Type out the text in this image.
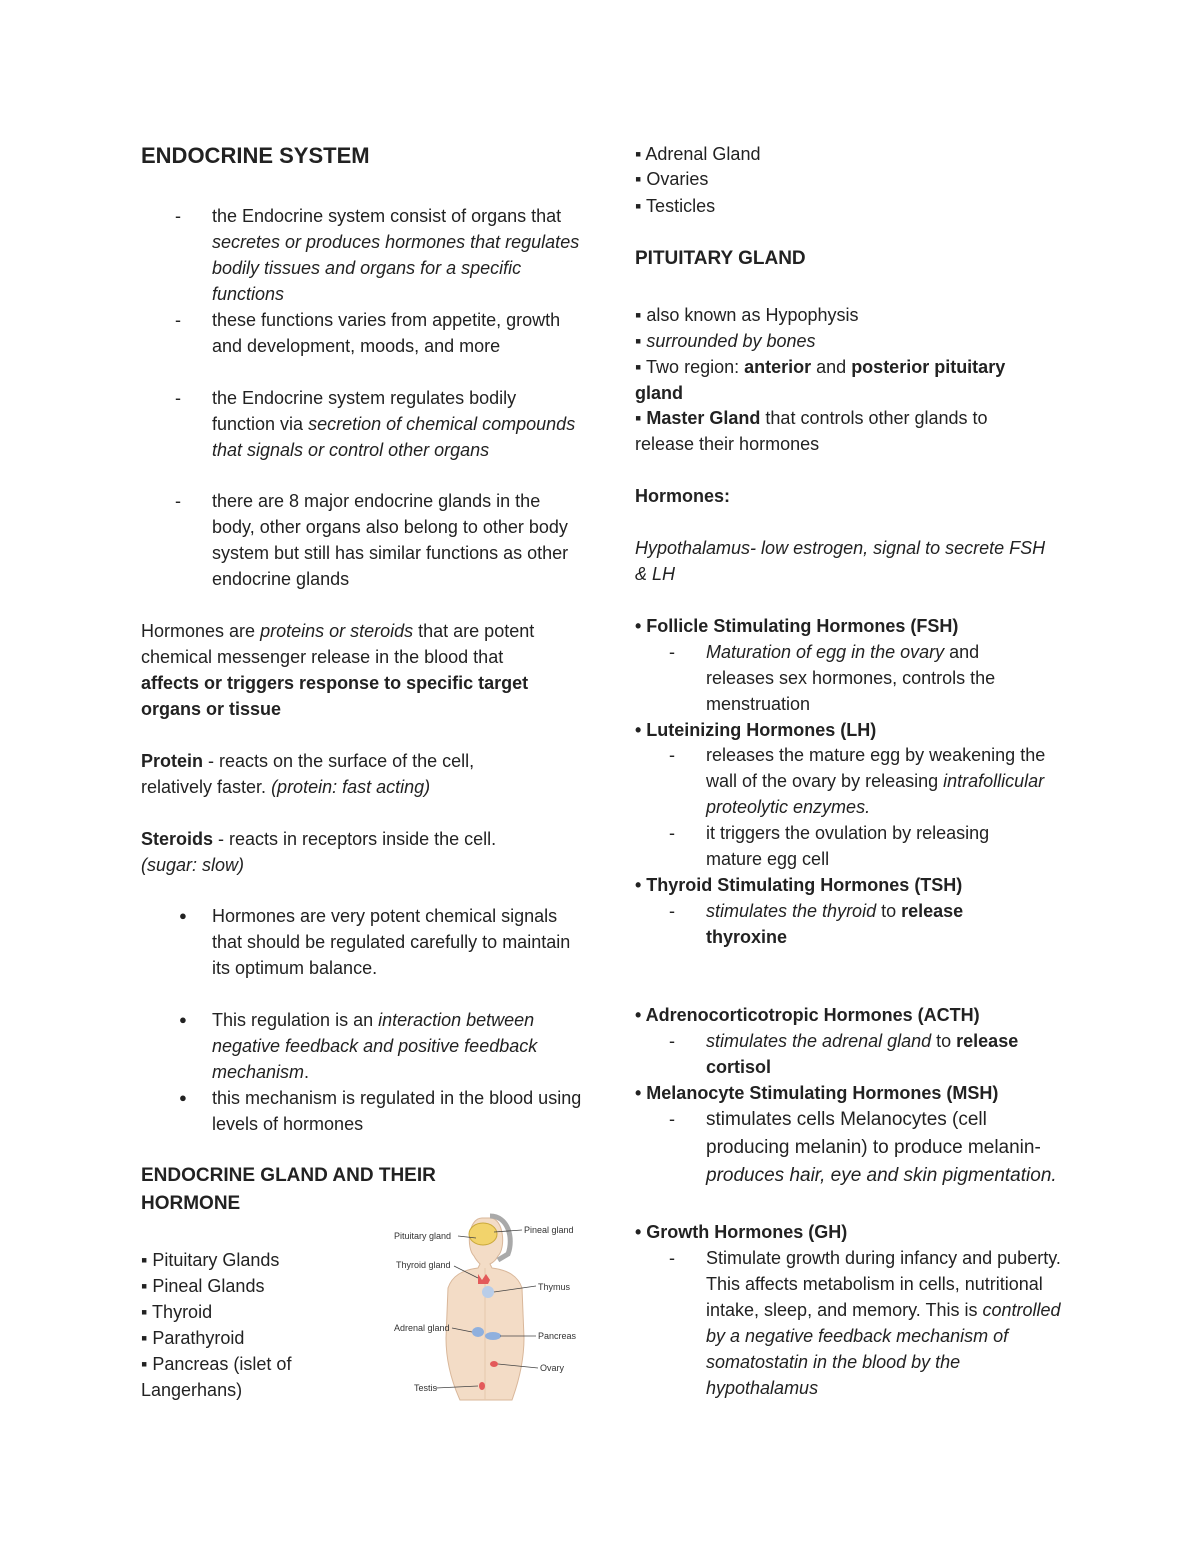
ENDOCRINE SYSTEM
- the Endocrine system consist of organs that secretes or produces hormones that regulates bodily tissues and organs for a specific functions

- these functions varies from appetite, growth and development, moods, and more

- the Endocrine system regulates bodily function via secretion of chemical compounds that signals or control other organs

- there are 8 major endocrine glands in the body, other organs also belong to other body system but still has similar functions as other endocrine glands

Hormones are proteins or steroids that are potent chemical messenger release in the blood that affects or triggers response to specific target organs or tissue

Protein - reacts on the surface of the cell, relatively faster. (protein: fast acting)

Steroids - reacts in receptors inside the cell. (sugar: slow)

● Hormones are very potent chemical signals that should be regulated carefully to maintain its optimum balance.

● This regulation is an interaction between negative feedback and positive feedback mechanism.

● this mechanism is regulated in the blood using levels of hormones

ENDOCRINE GLAND AND THEIR HORMONE

▪ Pituitary Glands

▪ Pineal Glands

▪ Thyroid

▪ Parathyroid

▪ Pancreas (islet of Langerhans)

Pituitary gland
Pineal gland
Thyroid gland
Thymus
Adrenal gland
Pancreas
Ovary
Testis

▪ Adrenal Gland

▪ Ovaries

▪ Testicles

PITUITARY GLAND

▪ also known as Hypophysis

▪ surrounded by bones

▪ Two region: anterior and posterior pituitary gland

▪ Master Gland that controls other glands to release their hormones

Hormones:

Hypothalamus- low estrogen, signal to secrete FSH & LH

• Follicle Stimulating Hormones (FSH)

- Maturation of egg in the ovary and releases sex hormones, controls the menstruation

• Luteinizing Hormones (LH)

- releases the mature egg by weakening the wall of the ovary by releasing intrafollicular proteolytic enzymes.

- it triggers the ovulation by releasing mature egg cell

• Thyroid Stimulating Hormones (TSH)

- stimulates the thyroid to release thyroxine

• Adrenocorticotropic Hormones (ACTH)

- stimulates the adrenal gland to release cortisol

• Melanocyte Stimulating Hormones (MSH)

- stimulates cells Melanocytes (cell producing melanin) to produce melanin-produces hair, eye and skin pigmentation.

• Growth Hormones (GH)

- Stimulate growth during infancy and puberty. This affects metabolism in cells, nutritional intake, sleep, and memory. This is controlled by a negative feedback mechanism of somatostatin in the blood by the hypothalamus
